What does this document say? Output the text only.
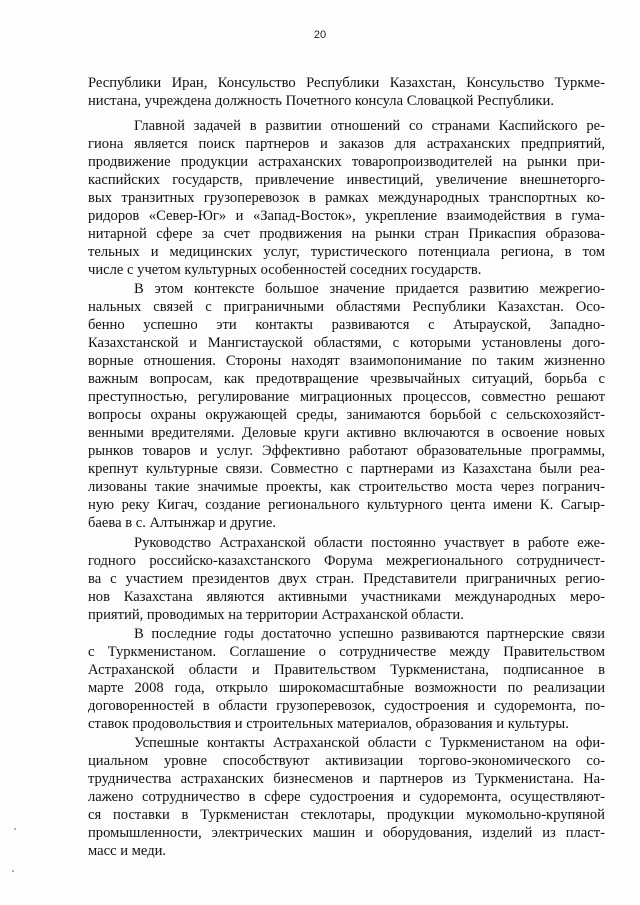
20
Республики Иран, Консульство Республики Казахстан, Консульство Туркме-
нистана, учреждена должность Почетного консула Словацкой Республики.
Главной задачей в развитии отношений со странами Каспийского ре-
гиона является поиск партнеров и заказов для астраханских предприятий,
продвижение продукции астраханских товаропроизводителей на рынки при-
каспийских государств, привлечение инвестиций, увеличение внешнеторго-
вых транзитных грузоперевозок в рамках международных транспортных ко-
ридоров «Север-Юг» и «Запад-Восток», укрепление взаимодействия в гума-
нитарной сфере за счет продвижения на рынки стран Прикаспия образова-
тельных и медицинских услуг, туристического потенциала региона, в том
числе с учетом культурных особенностей соседних государств.
В этом контексте большое значение придается развитию межрегио-
нальных связей с приграничными областями Республики Казахстан. Осо-
бенно успешно эти контакты развиваются с Атырауской, Западно-
Казахстанской и Мангистауской областями, с которыми установлены дого-
ворные отношения. Стороны находят взаимопонимание по таким жизненно
важным вопросам, как предотвращение чрезвычайных ситуаций, борьба с
преступностью, регулирование миграционных процессов, совместно решают
вопросы охраны окружающей среды, занимаются борьбой с сельскохозяйст-
венными вредителями. Деловые круги активно включаются в освоение новых
рынков товаров и услуг. Эффективно работают образовательные программы,
крепнут культурные связи. Совместно с партнерами из Казахстана были реа-
лизованы такие значимые проекты, как строительство моста через погранич-
ную реку Кигач, создание регионального культурного цента имени К. Сагыр-
баева в с. Алтынжар и другие.
Руководство Астраханской области постоянно участвует в работе еже-
годного российско-казахстанского Форума межрегионального сотрудничест-
ва с участием президентов двух стран. Представители приграничных регио-
нов Казахстана являются активными участниками международных меро-
приятий, проводимых на территории Астраханской области.
В последние годы достаточно успешно развиваются партнерские связи
с Туркменистаном. Соглашение о сотрудничестве между Правительством
Астраханской области и Правительством Туркменистана, подписанное в
марте 2008 года, открыло широкомасштабные возможности по реализации
договоренностей в области грузоперевозок, судостроения и судоремонта, по-
ставок продовольствия и строительных материалов, образования и культуры.
Успешные контакты Астраханской области с Туркменистаном на офи-
циальном уровне способствуют активизации торгово-экономического со-
трудничества астраханских бизнесменов и партнеров из Туркменистана. На-
лажено сотрудничество в сфере судостроения и судоремонта, осуществляют-
ся поставки в Туркменистан стеклотары, продукции мукомольно-крупяной
промышленности, электрических машин и оборудования, изделий из пласт-
масс и меди.
